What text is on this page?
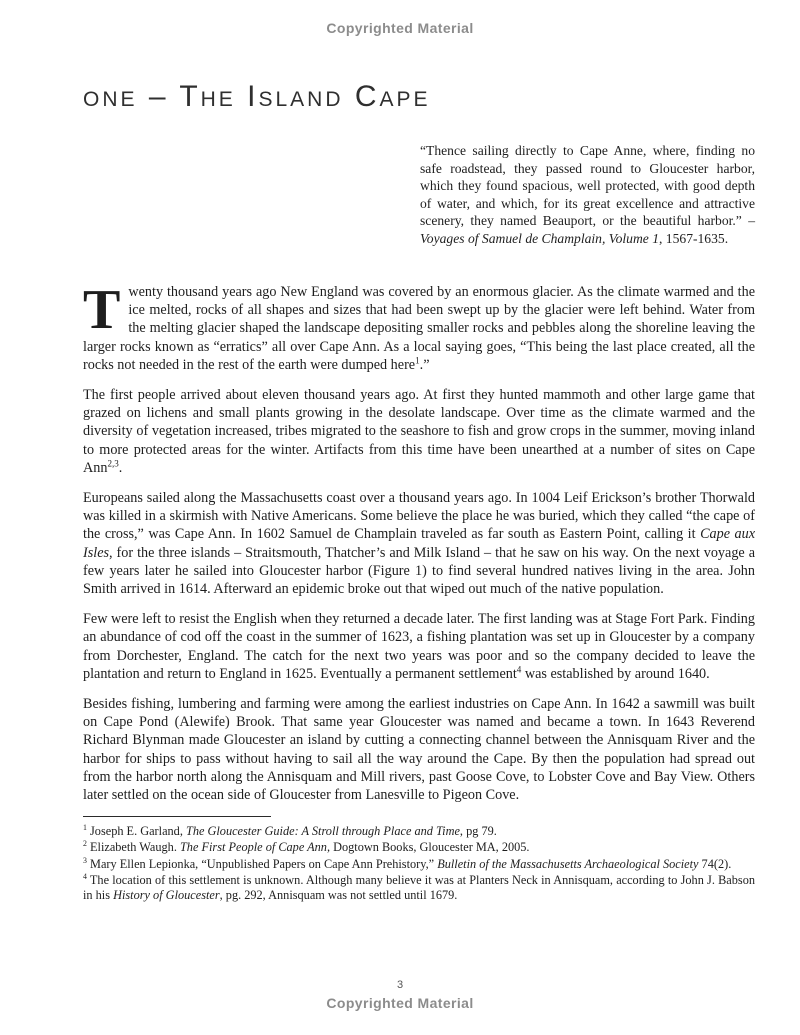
Copyrighted Material
one – The Island Cape
“Thence sailing directly to Cape Anne, where, finding no safe roadstead, they passed round to Gloucester harbor, which they found spacious, well protected, with good depth of water, and which, for its great excellence and attractive scenery, they named Beauport, or the beautiful harbor.” – Voyages of Samuel de Champlain, Volume 1, 1567-1635.

Twenty thousand years ago New England was covered by an enormous glacier. As the climate warmed and the ice melted, rocks of all shapes and sizes that had been swept up by the glacier were left behind. Water from the melting glacier shaped the landscape depositing smaller rocks and pebbles along the shoreline leaving the larger rocks known as “erratics” all over Cape Ann. As a local saying goes, “This being the last place created, all the rocks not needed in the rest of the earth were dumped here$^1$.”

The first people arrived about eleven thousand years ago. At first they hunted mammoth and other large game that grazed on lichens and small plants growing in the desolate landscape. Over time as the climate warmed and the diversity of vegetation increased, tribes migrated to the seashore to fish and grow crops in the summer, moving inland to more protected areas for the winter. Artifacts from this time have been unearthed at a number of sites on Cape Ann$^{2,3}$.

Europeans sailed along the Massachusetts coast over a thousand years ago. In 1004 Leif Erickson’s brother Thorwald was killed in a skirmish with Native Americans. Some believe the place he was buried, which they called “the cape of the cross,” was Cape Ann. In 1602 Samuel de Champlain traveled as far south as Eastern Point, calling it Cape aux Isles, for the three islands – Straitsmouth, Thatcher’s and Milk Island – that he saw on his way. On the next voyage a few years later he sailed into Gloucester harbor (Figure 1) to find several hundred natives living in the area. John Smith arrived in 1614. Afterward an epidemic broke out that wiped out much of the native population.

Few were left to resist the English when they returned a decade later. The first landing was at Stage Fort Park. Finding an abundance of cod off the coast in the summer of 1623, a fishing plantation was set up in Gloucester by a company from Dorchester, England. The catch for the next two years was poor and so the company decided to leave the plantation and return to England in 1625. Eventually a permanent settlement$^4$ was established by around 1640.

Besides fishing, lumbering and farming were among the earliest industries on Cape Ann. In 1642 a sawmill was built on Cape Pond (Alewife) Brook. That same year Gloucester was named and became a town. In 1643 Reverend Richard Blynman made Gloucester an island by cutting a connecting channel between the Annisquam River and the harbor for ships to pass without having to sail all the way around the Cape. By then the population had spread out from the harbor north along the Annisquam and Mill rivers, past Goose Cove, to Lobster Cove and Bay View. Others later settled on the ocean side of Gloucester from Lanesville to Pigeon Cove.

$^1$ Joseph E. Garland, The Gloucester Guide: A Stroll through Place and Time, pg 79.

$^2$ Elizabeth Waugh. The First People of Cape Ann, Dogtown Books, Gloucester MA, 2005.

$^3$ Mary Ellen Lepionka, “Unpublished Papers on Cape Ann Prehistory,” Bulletin of the Massachusetts Archaeological Society 74(2).

$^4$ The location of this settlement is unknown. Although many believe it was at Planters Neck in Annisquam, according to John J. Babson in his History of Gloucester, pg. 292, Annisquam was not settled until 1679.

3
Copyrighted Material
